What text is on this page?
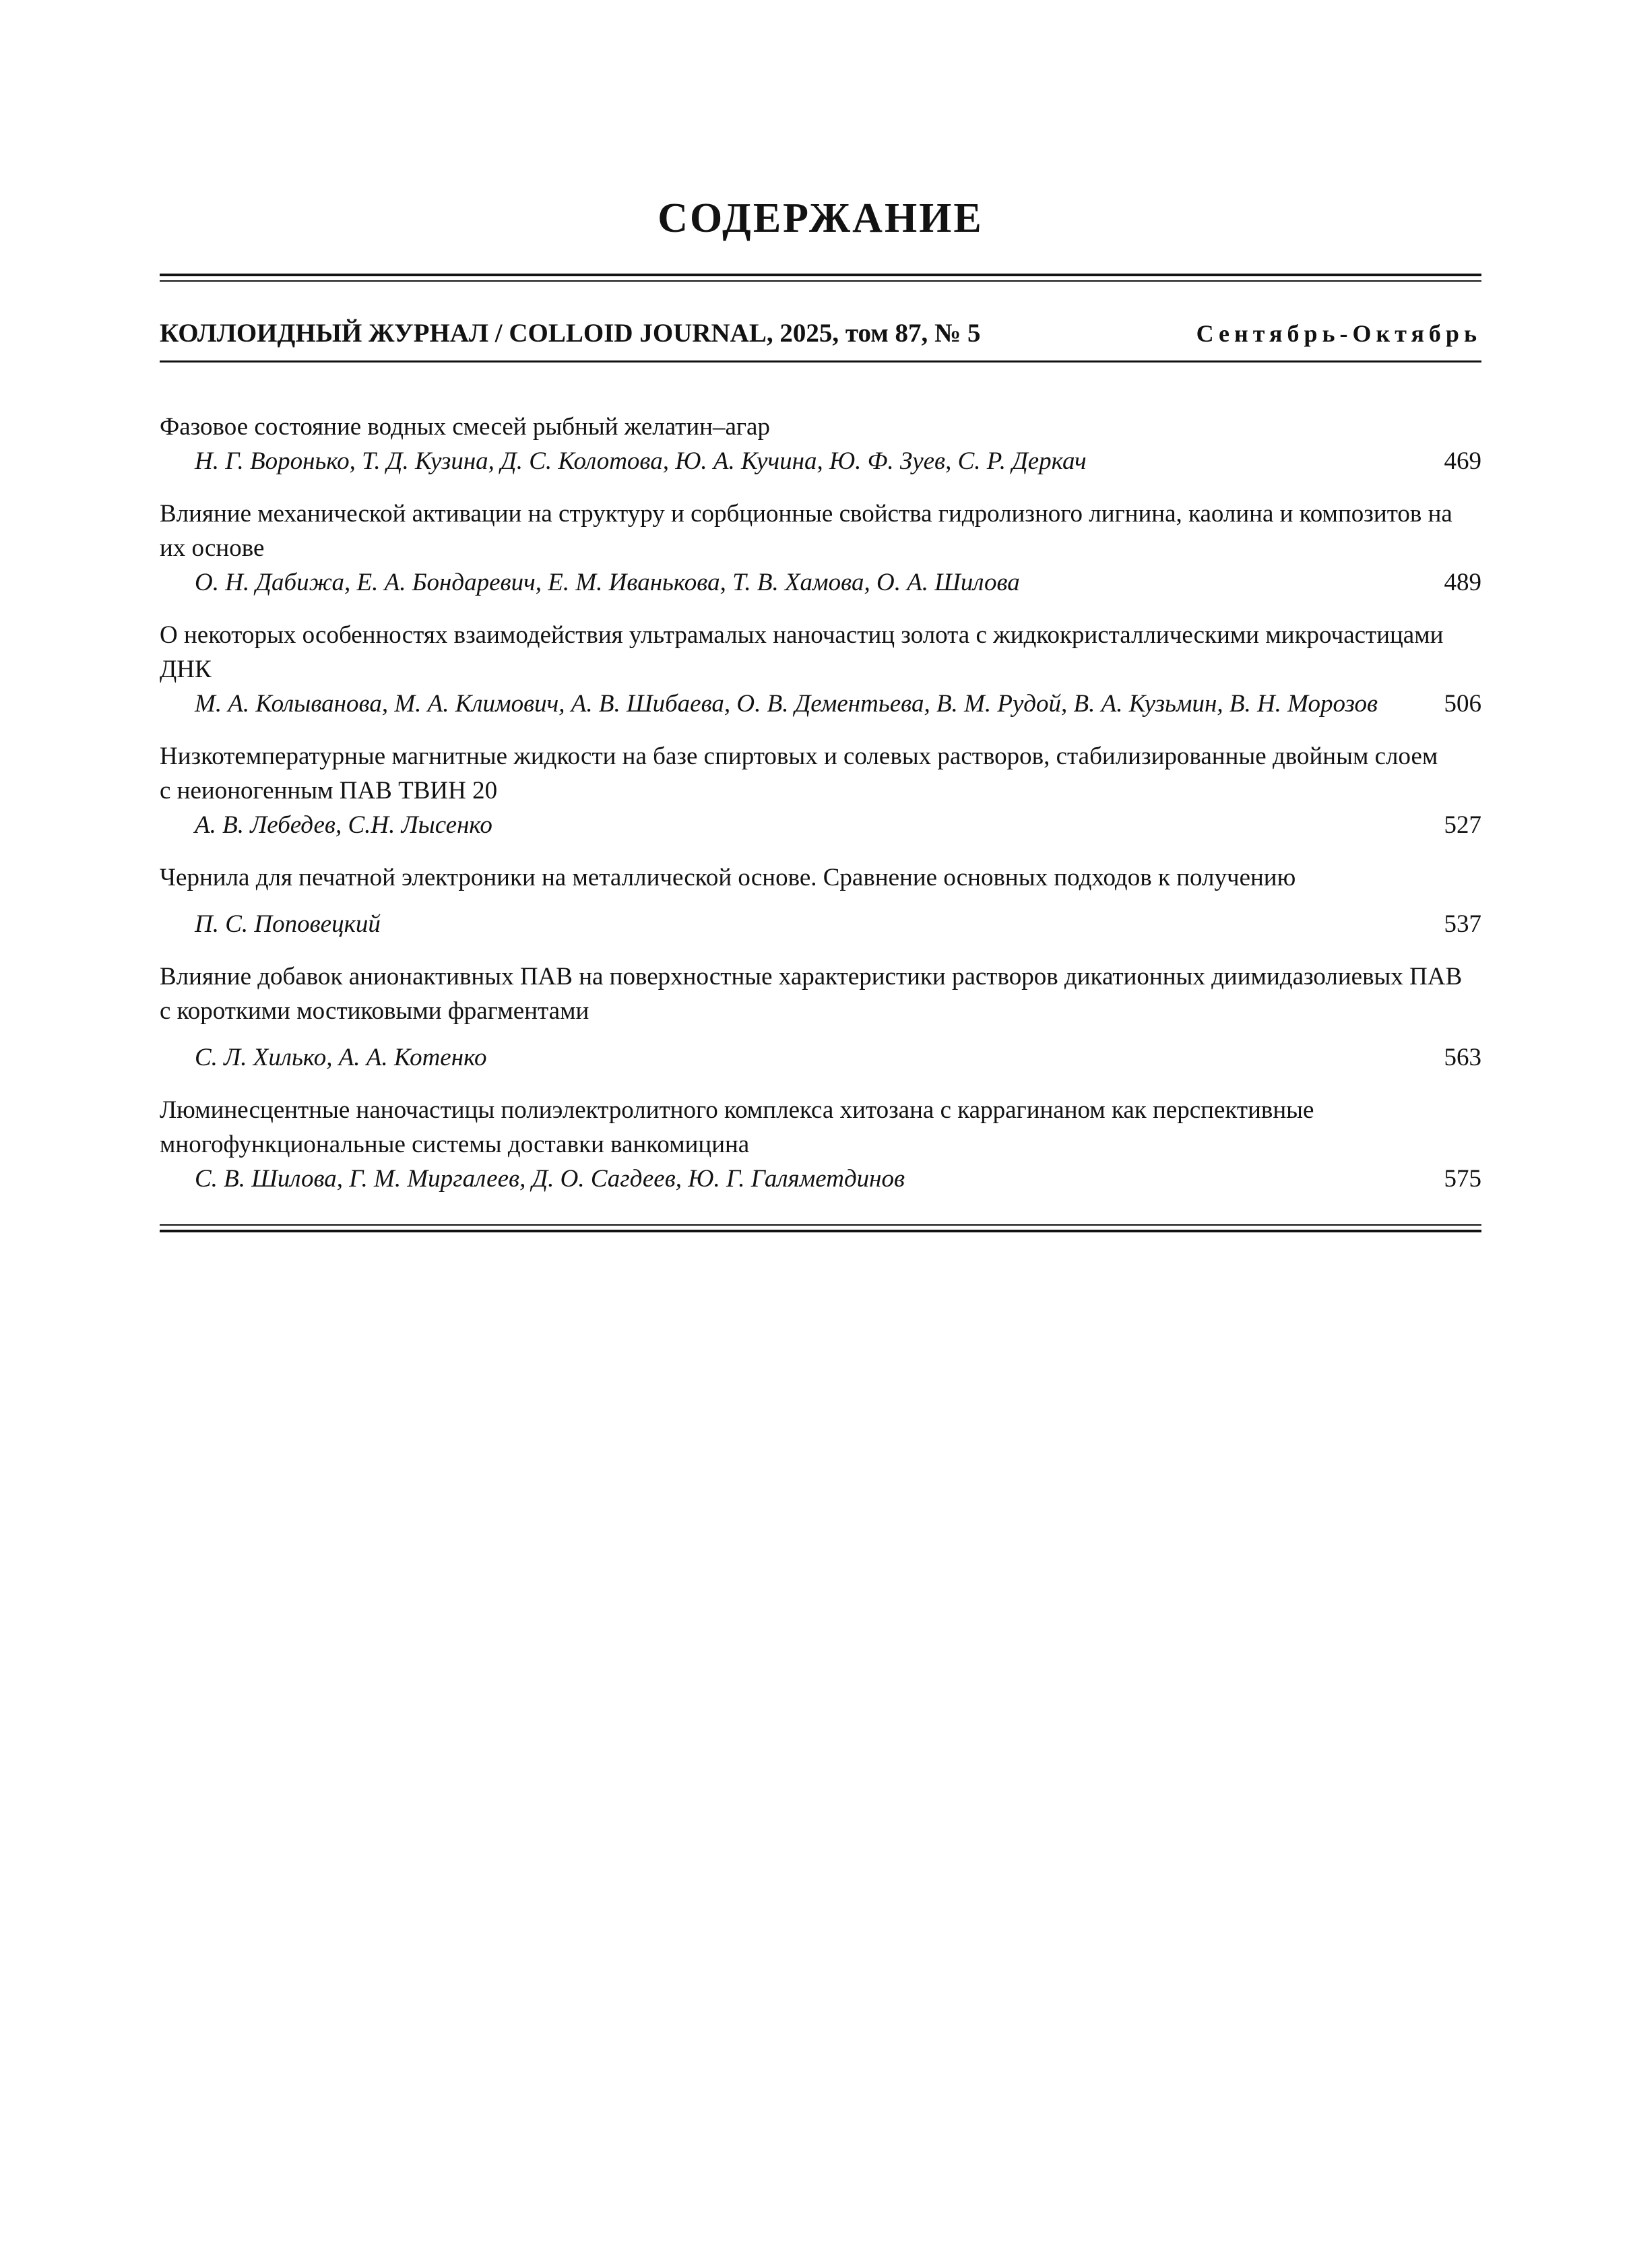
СОДЕРЖАНИЕ
КОЛЛОИДНЫЙ ЖУРНАЛ / COLLOID JOURNAL, 2025, том 87, № 5	Сентябрь-Октябрь
Фазовое состояние водных смесей рыбный желатин–агар
Н. Г. Воронько, Т. Д. Кузина, Д. С. Колотова, Ю. А. Кучина, Ю. Ф. Зуев, С. Р. Деркач	469
Влияние механической активации на структуру и сорбционные свойства гидролизного лигнина, каолина и композитов на их основе
О. Н. Дабижа, Е. А. Бондаревич, Е. М. Иванькова, Т. В. Хамова, О. А. Шилова	489
О некоторых особенностях взаимодействия ультрамалых наночастиц золота с жидкокристаллическими микрочастицами ДНК
М. А. Колыванова, М. А. Климович, А. В. Шибаева, О. В. Дементьева, В. М. Рудой, В. А. Кузьмин, В. Н. Морозов	506
Низкотемпературные магнитные жидкости на базе спиртовых и солевых растворов, стабилизированные двойным слоем с неионогенным ПАВ ТВИН 20
А. В. Лебедев, С.Н. Лысенко	527
Чернила для печатной электроники на металлической основе. Сравнение основных подходов к получению
П. С. Поповецкий	537
Влияние добавок анионактивных ПАВ на поверхностные характеристики растворов дикатионных диимидазолиевых ПАВ с короткими мостиковыми фрагментами
С. Л. Хилько, А. А. Котенко	563
Люминесцентные наночастицы полиэлектролитного комплекса хитозана с каррагинаном как перспективные многофункциональные системы доставки ванкомицина
С. В. Шилова, Г. М. Миргалеев, Д. О. Сагдеев, Ю. Г. Галяметдинов	575
